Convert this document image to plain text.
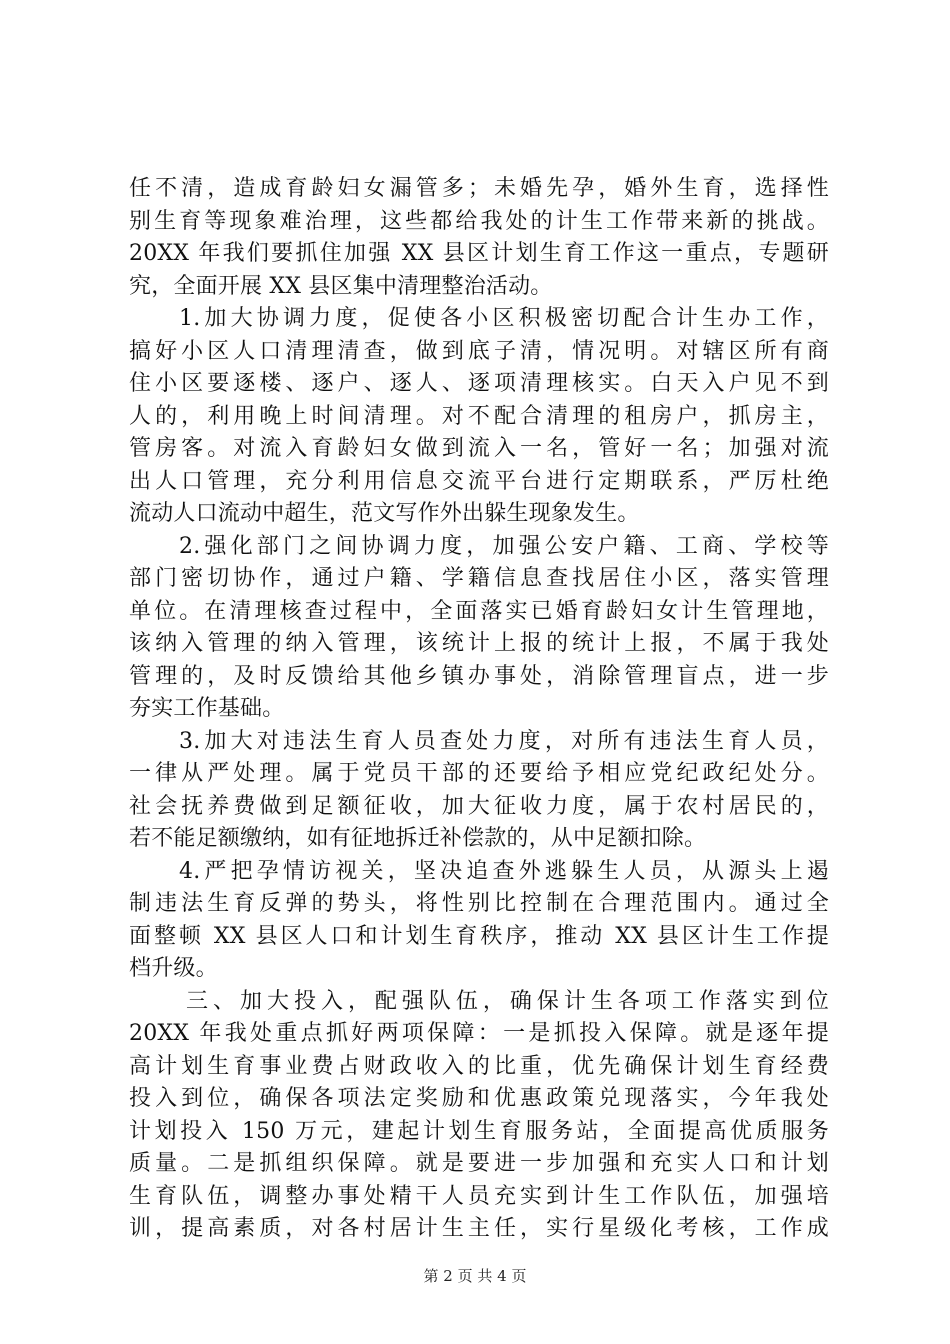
任不清，造成育龄妇女漏管多；未婚先孕，婚外生育，选择性
别生育等现象难治理，这些都给我处的计生工作带来新的挑战。
20XX 年我们要抓住加强 XX 县区计划生育工作这一重点，专题研
究，全面开展 XX 县区集中清理整治活动。
1.加大协调力度，促使各小区积极密切配合计生办工作，
搞好小区人口清理清查，做到底子清，情况明。对辖区所有商
住小区要逐楼、逐户、逐人、逐项清理核实。白天入户见不到
人的，利用晚上时间清理。对不配合清理的租房户，抓房主，
管房客。对流入育龄妇女做到流入一名，管好一名；加强对流
出人口管理，充分利用信息交流平台进行定期联系，严厉杜绝
流动人口流动中超生，范文写作外出躲生现象发生。
2.强化部门之间协调力度，加强公安户籍、工商、学校等
部门密切协作，通过户籍、学籍信息查找居住小区，落实管理
单位。在清理核查过程中，全面落实已婚育龄妇女计生管理地，
该纳入管理的纳入管理，该统计上报的统计上报，不属于我处
管理的，及时反馈给其他乡镇办事处，消除管理盲点，进一步
夯实工作基础。
3.加大对违法生育人员查处力度，对所有违法生育人员，
一律从严处理。属于党员干部的还要给予相应党纪政纪处分。
社会抚养费做到足额征收，加大征收力度，属于农村居民的，
若不能足额缴纳，如有征地拆迁补偿款的，从中足额扣除。
4.严把孕情访视关，坚决追查外逃躲生人员，从源头上遏
制违法生育反弹的势头，将性别比控制在合理范围内。通过全
面整顿 XX 县区人口和计划生育秩序，推动 XX 县区计生工作提
档升级。
三、加大投入，配强队伍，确保计生各项工作落实到位
20XX 年我处重点抓好两项保障：一是抓投入保障。就是逐年提
高计划生育事业费占财政收入的比重，优先确保计划生育经费
投入到位，确保各项法定奖励和优惠政策兑现落实，今年我处
计划投入 150 万元，建起计划生育服务站，全面提高优质服务
质量。二是抓组织保障。就是要进一步加强和充实人口和计划
生育队伍，调整办事处精干人员充实到计生工作队伍，加强培
训，提高素质，对各村居计生主任，实行星级化考核，工作成
第 2 页 共 4 页
